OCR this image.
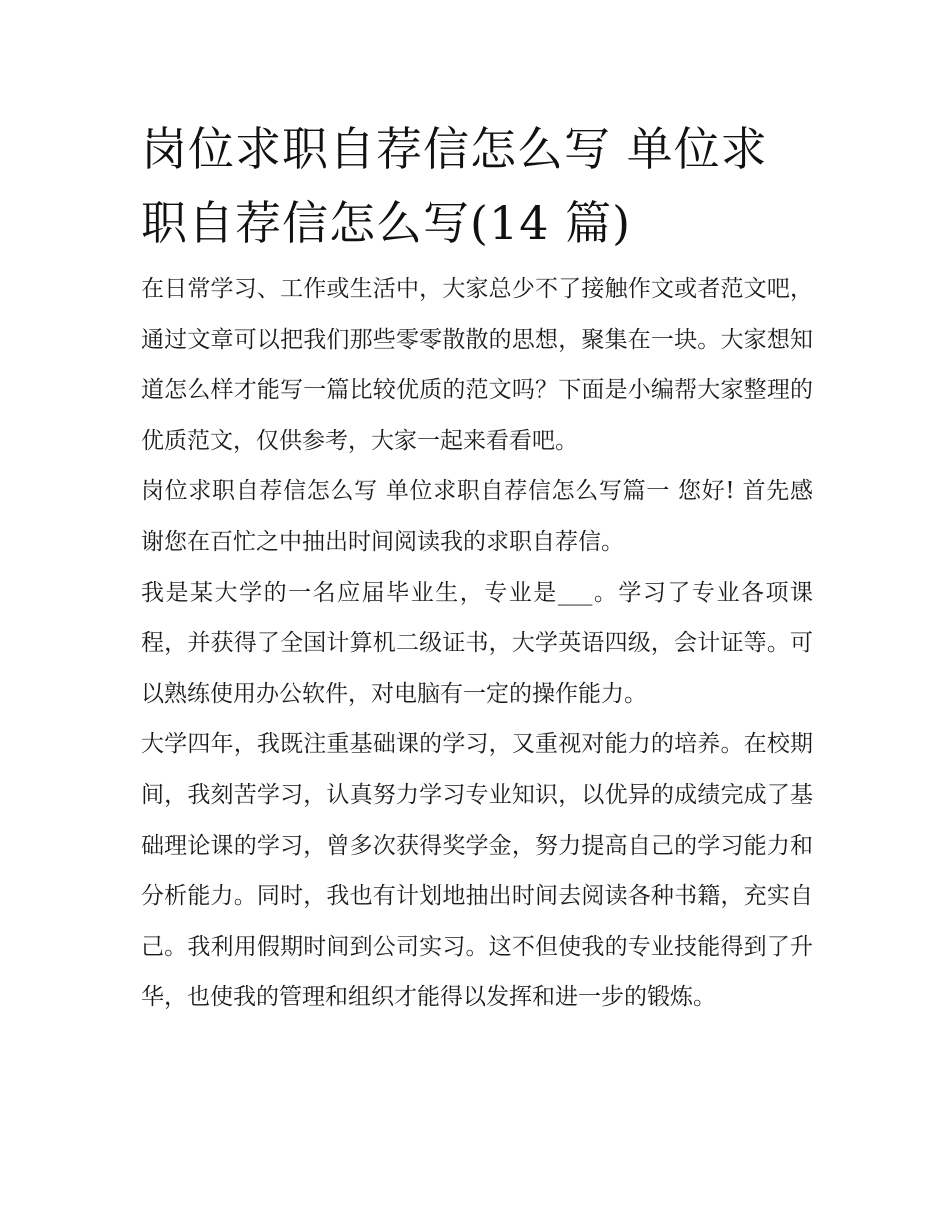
岗位求职自荐信怎么写 单位求职自荐信怎么写(14 篇)

在日常学习、工作或生活中，大家总少不了接触作文或者范文吧，通过文章可以把我们那些零零散散的思想，聚集在一块。大家想知道怎么样才能写一篇比较优质的范文吗？下面是小编帮大家整理的优质范文，仅供参考，大家一起来看看吧。

岗位求职自荐信怎么写 单位求职自荐信怎么写篇一 您好! 首先感谢您在百忙之中抽出时间阅读我的求职自荐信。

我是某大学的一名应届毕业生，专业是___。学习了专业各项课程，并获得了全国计算机二级证书，大学英语四级，会计证等。可以熟练使用办公软件，对电脑有一定的操作能力。

大学四年，我既注重基础课的学习，又重视对能力的培养。在校期间，我刻苦学习，认真努力学习专业知识，以优异的成绩完成了基础理论课的学习，曾多次获得奖学金，努力提高自己的学习能力和分析能力。同时，我也有计划地抽出时间去阅读各种书籍，充实自己。我利用假期时间到公司实习。这不但使我的专业技能得到了升华，也使我的管理和组织才能得以发挥和进一步的锻炼。
